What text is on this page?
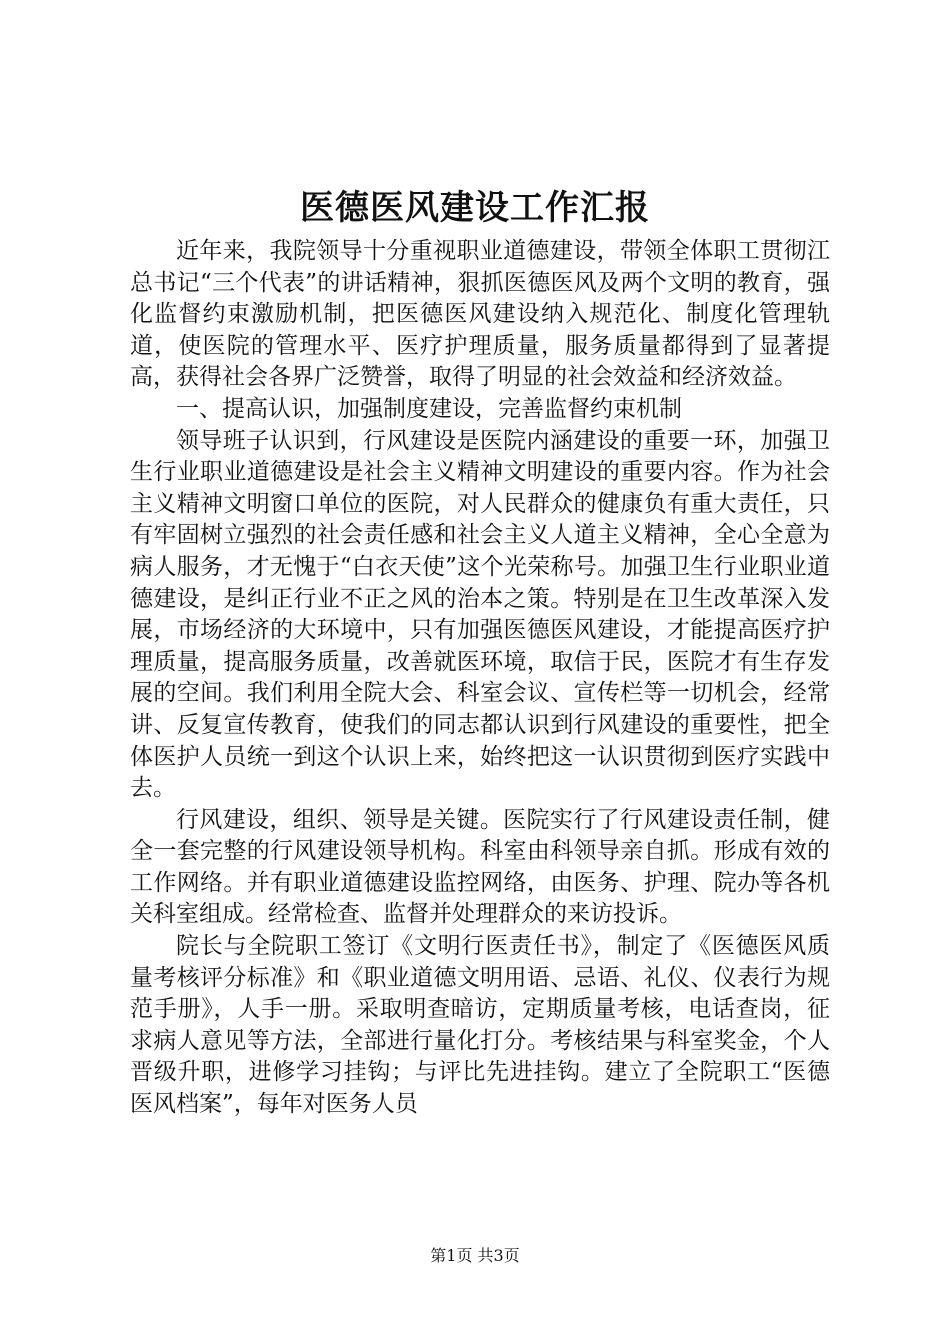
医德医风建设工作汇报

近年来，我院领导十分重视职业道德建设，带领全体职工贯彻江总书记“三个代表”的讲话精神，狠抓医德医风及两个文明的教育，强化监督约束激励机制，把医德医风建设纳入规范化、制度化管理轨道，使医院的管理水平、医疗护理质量，服务质量都得到了显著提高，获得社会各界广泛赞誉，取得了明显的社会效益和经济效益。

一、提高认识，加强制度建设，完善监督约束机制

领导班子认识到，行风建设是医院内涵建设的重要一环，加强卫生行业职业道德建设是社会主义精神文明建设的重要内容。作为社会主义精神文明窗口单位的医院，对人民群众的健康负有重大责任，只有牢固树立强烈的社会责任感和社会主义人道主义精神，全心全意为病人服务，才无愧于“白衣天使”这个光荣称号。加强卫生行业职业道德建设，是纠正行业不正之风的治本之策。特别是在卫生改革深入发展，市场经济的大环境中，只有加强医德医风建设，才能提高医疗护理质量，提高服务质量，改善就医环境，取信于民，医院才有生存发展的空间。我们利用全院大会、科室会议、宣传栏等一切机会，经常讲、反复宣传教育，使我们的同志都认识到行风建设的重要性，把全体医护人员统一到这个认识上来，始终把这一认识贯彻到医疗实践中去。

行风建设，组织、领导是关键。医院实行了行风建设责任制，健全一套完整的行风建设领导机构。科室由科领导亲自抓。形成有效的工作网络。并有职业道德建设监控网络，由医务、护理、院办等各机关科室组成。经常检查、监督并处理群众的来访投诉。

院长与全院职工签订《文明行医责任书》，制定了《医德医风质量考核评分标准》和《职业道德文明用语、忌语、礼仪、仪表行为规范手册》，人手一册。采取明查暗访，定期质量考核，电话查岗，征求病人意见等方法，全部进行量化打分。考核结果与科室奖金，个人晋级升职，进修学习挂钩；与评比先进挂钩。建立了全院职工“医德医风档案”，每年对医务人员

第1页 共3页
